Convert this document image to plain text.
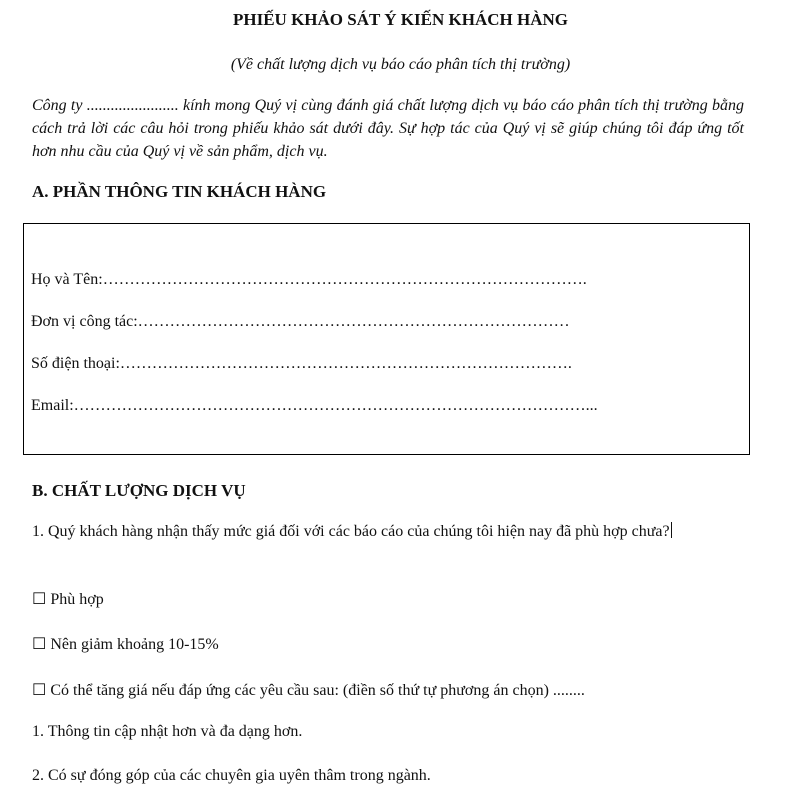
PHIẾU KHẢO SÁT Ý KIẾN KHÁCH HÀNG
(Về chất lượng dịch vụ báo cáo phân tích thị trường)
Công ty ....................... kính mong Quý vị cùng đánh giá chất lượng dịch vụ báo cáo phân tích thị trường bằng cách trả lời các câu hỏi trong phiếu khảo sát dưới đây. Sự hợp tác của Quý vị sẽ giúp chúng tôi đáp ứng tốt hơn nhu cầu của Quý vị về sản phẩm, dịch vụ.
A. PHẦN THÔNG TIN KHÁCH HÀNG
Họ và Tên:……………………………………………………………………………….
Đơn vị công tác:………………………………………………………………………
Số điện thoại:………………………………………………………………………….
Email:……………………………………………………………………………………...
B. CHẤT LƯỢNG DỊCH VỤ
1. Quý khách hàng nhận thấy mức giá đối với các báo cáo của chúng tôi hiện nay đã phù hợp chưa?
☐ Phù hợp
☐ Nên giảm khoảng 10-15%
☐ Có thể tăng giá nếu đáp ứng các yêu cầu sau: (điền số thứ tự phương án chọn) ........
1. Thông tin cập nhật hơn và đa dạng hơn.
2. Có sự đóng góp của các chuyên gia uyên thâm trong ngành.
